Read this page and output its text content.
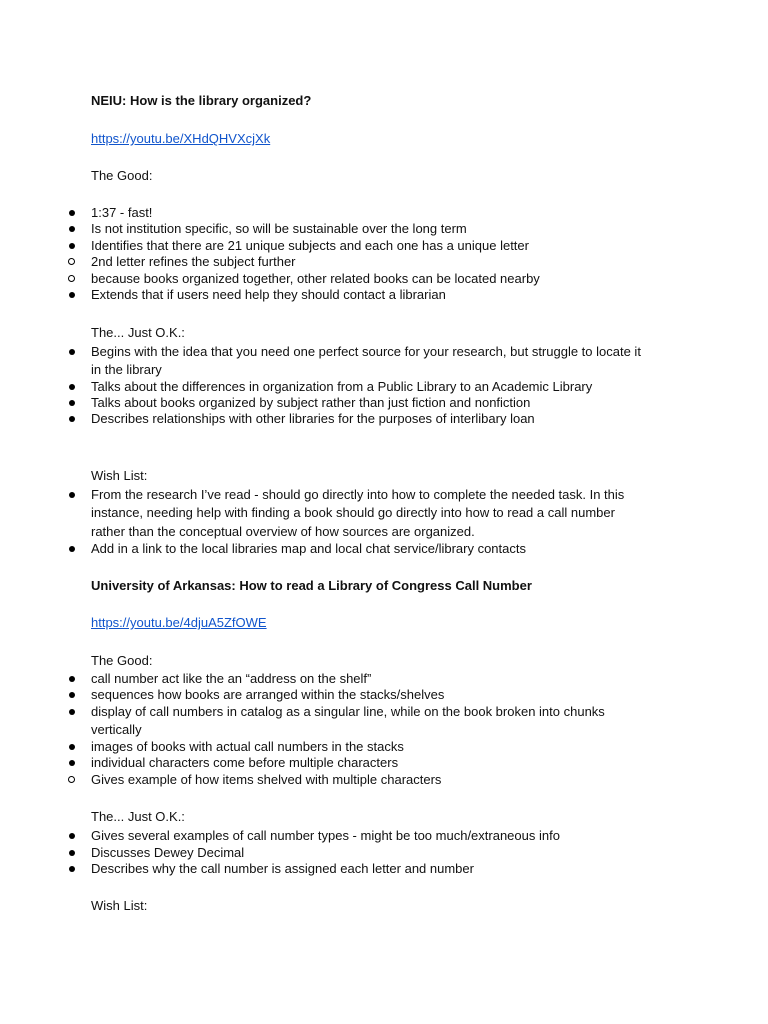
NEIU: How is the library organized?
https://youtu.be/XHdQHVXcjXk
The Good:
1:37 - fast!
Is not institution specific, so will be sustainable over the long term
Identifies that there are 21 unique subjects and each one has a unique letter
2nd letter refines the subject further
because books organized together, other related books can be located nearby
Extends that if users need help they should contact a librarian
The... Just O.K.:
Begins with the idea that you need one perfect source for your research, but struggle to locate it
in the library
Talks about the differences in organization from a Public Library to an Academic Library
Talks about books organized by subject rather than just fiction and nonfiction
Describes relationships with other libraries for the purposes of interlibary loan
Wish List:
From the research I’ve read - should go directly into how to complete the needed task. In this
instance, needing help with finding a book should go directly into how to read a call number
rather than the conceptual overview of how sources are organized.
Add in a link to the local libraries map and local chat service/library contacts
University of Arkansas: How to read a Library of Congress Call Number
https://youtu.be/4djuA5ZfOWE
The Good:
call number act like the an “address on the shelf”
sequences how books are arranged within the stacks/shelves
display of call numbers in catalog as a singular line, while on the book broken into chunks
vertically
images of books with actual call numbers in the stacks
individual characters come before multiple characters
Gives example of how items shelved with multiple characters
The... Just O.K.:
Gives several examples of call number types - might be too much/extraneous info
Discusses Dewey Decimal
Describes why the call number is assigned each letter and number
Wish List:
